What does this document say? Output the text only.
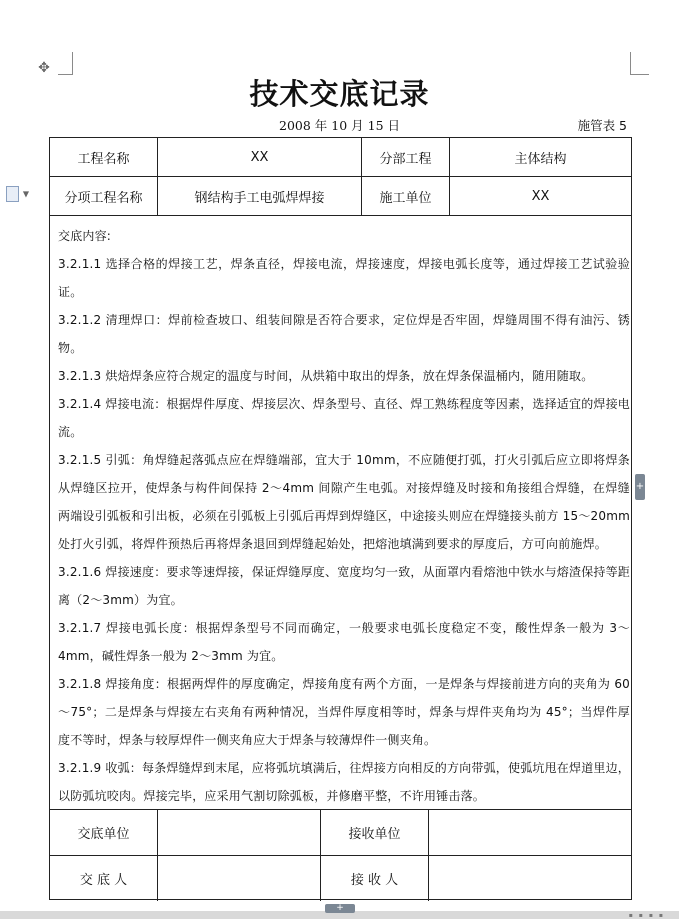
✥
▼
技术交底记录
2008 年 10 月 15 日	施管表 5
工程名称	XX	分部工程	主体结构
分项工程名称	钢结构手工电弧焊焊接	施工单位	XX

交底内容:

3.2.1.1 选择合格的焊接工艺，焊条直径，焊接电流，焊接速度，焊接电弧长度等，通过焊接工艺试验验证。

3.2.1.2 清理焊口：焊前检查坡口、组装间隙是否符合要求，定位焊是否牢固，焊缝周围不得有油污、锈物。

3.2.1.3 烘焙焊条应符合规定的温度与时间，从烘箱中取出的焊条，放在焊条保温桶内，随用随取。

3.2.1.4 焊接电流：根据焊件厚度、焊接层次、焊条型号、直径、焊工熟练程度等因素，选择适宜的焊接电流。

3.2.1.5 引弧：角焊缝起落弧点应在焊缝端部，宜大于 10mm，不应随便打弧，打火引弧后应立即将焊条从焊缝区拉开，使焊条与构件间保持 2～4mm 间隙产生电弧。对接焊缝及时接和角接组合焊缝，在焊缝两端设引弧板和引出板，必须在引弧板上引弧后再焊到焊缝区，中途接头则应在焊缝接头前方 15～20mm 处打火引弧，将焊件预热后再将焊条退回到焊缝起始处，把熔池填满到要求的厚度后，方可向前施焊。

3.2.1.6 焊接速度：要求等速焊接，保证焊缝厚度、宽度均匀一致，从面罩内看熔池中铁水与熔渣保持等距离（2～3mm）为宜。

3.2.1.7 焊接电弧长度：根据焊条型号不同而确定，一般要求电弧长度稳定不变，酸性焊条一般为 3～4mm，碱性焊条一般为 2～3mm 为宜。

3.2.1.8 焊接角度：根据两焊件的厚度确定，焊接角度有两个方面，一是焊条与焊接前进方向的夹角为 60～75°；二是焊条与焊接左右夹角有两种情况，当焊件厚度相等时，焊条与焊件夹角均为 45°；当焊件厚度不等时，焊条与较厚焊件一侧夹角应大于焊条与较薄焊件一侧夹角。

3.2.1.9 收弧：每条焊缝焊到末尾，应将弧坑填满后，往焊接方向相反的方向带弧，使弧坑甩在焊道里边，以防弧坑咬肉。焊接完毕，应采用气割切除弧板，并修磨平整，不许用锤击落。

交底单位	接收单位
交 底 人	接 收 人
+
+
▪▪▪▪
